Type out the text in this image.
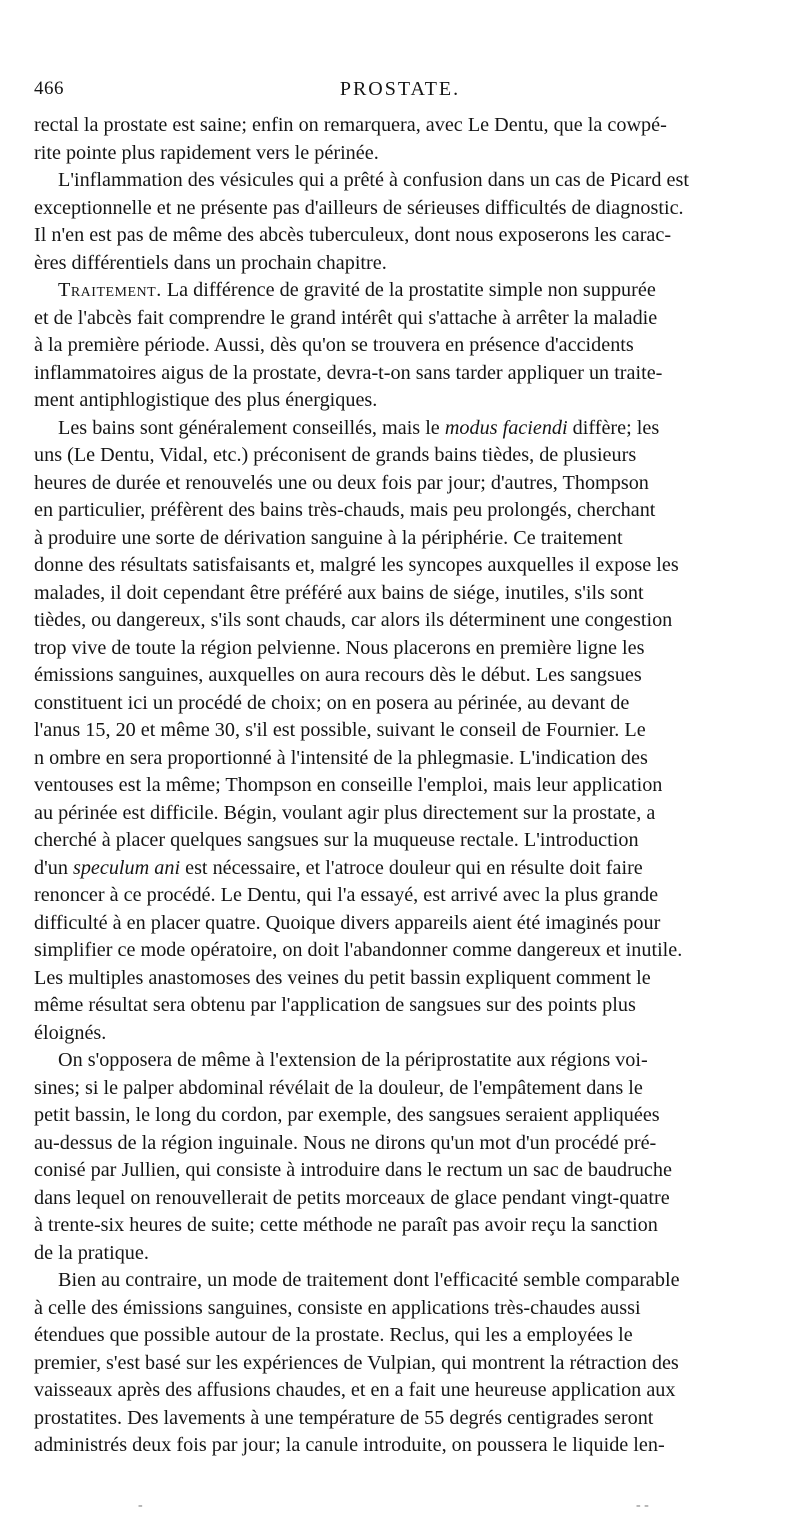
466	PROSTATE.
rectal la prostate est saine; enfin on remarquera, avec Le Dentu, que la cowpé-
rite pointe plus rapidement vers le périnée.
L'inflammation des vésicules qui a prêté à confusion dans un cas de Picard est
exceptionnelle et ne présente pas d'ailleurs de sérieuses difficultés de diagnostic.
Il n'en est pas de même des abcès tuberculeux, dont nous exposerons les carac-
ères différentiels dans un prochain chapitre.
Traitement. La différence de gravité de la prostatite simple non suppurée
et de l'abcès fait comprendre le grand intérêt qui s'attache à arrêter la maladie
à la première période. Aussi, dès qu'on se trouvera en présence d'accidents
inflammatoires aigus de la prostate, devra-t-on sans tarder appliquer un traite-
ment antiphlogistique des plus énergiques.
Les bains sont généralement conseillés, mais le modus faciendi diffère; les
uns (Le Dentu, Vidal, etc.) préconisent de grands bains tièdes, de plusieurs
heures de durée et renouvelés une ou deux fois par jour; d'autres, Thompson
en particulier, préfèrent des bains très-chauds, mais peu prolongés, cherchant
à produire une sorte de dérivation sanguine à la périphérie. Ce traitement
donne des résultats satisfaisants et, malgré les syncopes auxquelles il expose les
malades, il doit cependant être préféré aux bains de siége, inutiles, s'ils sont
tièdes, ou dangereux, s'ils sont chauds, car alors ils déterminent une congestion
trop vive de toute la région pelvienne. Nous placerons en première ligne les
émissions sanguines, auxquelles on aura recours dès le début. Les sangsues
constituent ici un procédé de choix; on en posera au périnée, au devant de
l'anus 15, 20 et même 30, s'il est possible, suivant le conseil de Fournier. Le
n ombre en sera proportionné à l'intensité de la phlegmasie. L'indication des
ventouses est la même; Thompson en conseille l'emploi, mais leur application
au périnée est difficile. Bégin, voulant agir plus directement sur la prostate, a
cherché à placer quelques sangsues sur la muqueuse rectale. L'introduction
d'un speculum ani est nécessaire, et l'atroce douleur qui en résulte doit faire
renoncer à ce procédé. Le Dentu, qui l'a essayé, est arrivé avec la plus grande
difficulté à en placer quatre. Quoique divers appareils aient été imaginés pour
simplifier ce mode opératoire, on doit l'abandonner comme dangereux et inutile.
Les multiples anastomoses des veines du petit bassin expliquent comment le
même résultat sera obtenu par l'application de sangsues sur des points plus
éloignés.
On s'opposera de même à l'extension de la périprostatite aux régions voi-
sines; si le palper abdominal révélait de la douleur, de l'empâtement dans le
petit bassin, le long du cordon, par exemple, des sangsues seraient appliquées
au-dessus de la région inguinale. Nous ne dirons qu'un mot d'un procédé pré-
conisé par Jullien, qui consiste à introduire dans le rectum un sac de baudruche
dans lequel on renouvellerait de petits morceaux de glace pendant vingt-quatre
à trente-six heures de suite; cette méthode ne paraît pas avoir reçu la sanction
de la pratique.
Bien au contraire, un mode de traitement dont l'efficacité semble comparable
à celle des émissions sanguines, consiste en applications très-chaudes aussi
étendues que possible autour de la prostate. Reclus, qui les a employées le
premier, s'est basé sur les expériences de Vulpian, qui montrent la rétraction des
vaisseaux après des affusions chaudes, et en a fait une heureuse application aux
prostatites. Des lavements à une température de 55 degrés centigrades seront
administrés deux fois par jour; la canule introduite, on poussera le liquide len-
-	- -
